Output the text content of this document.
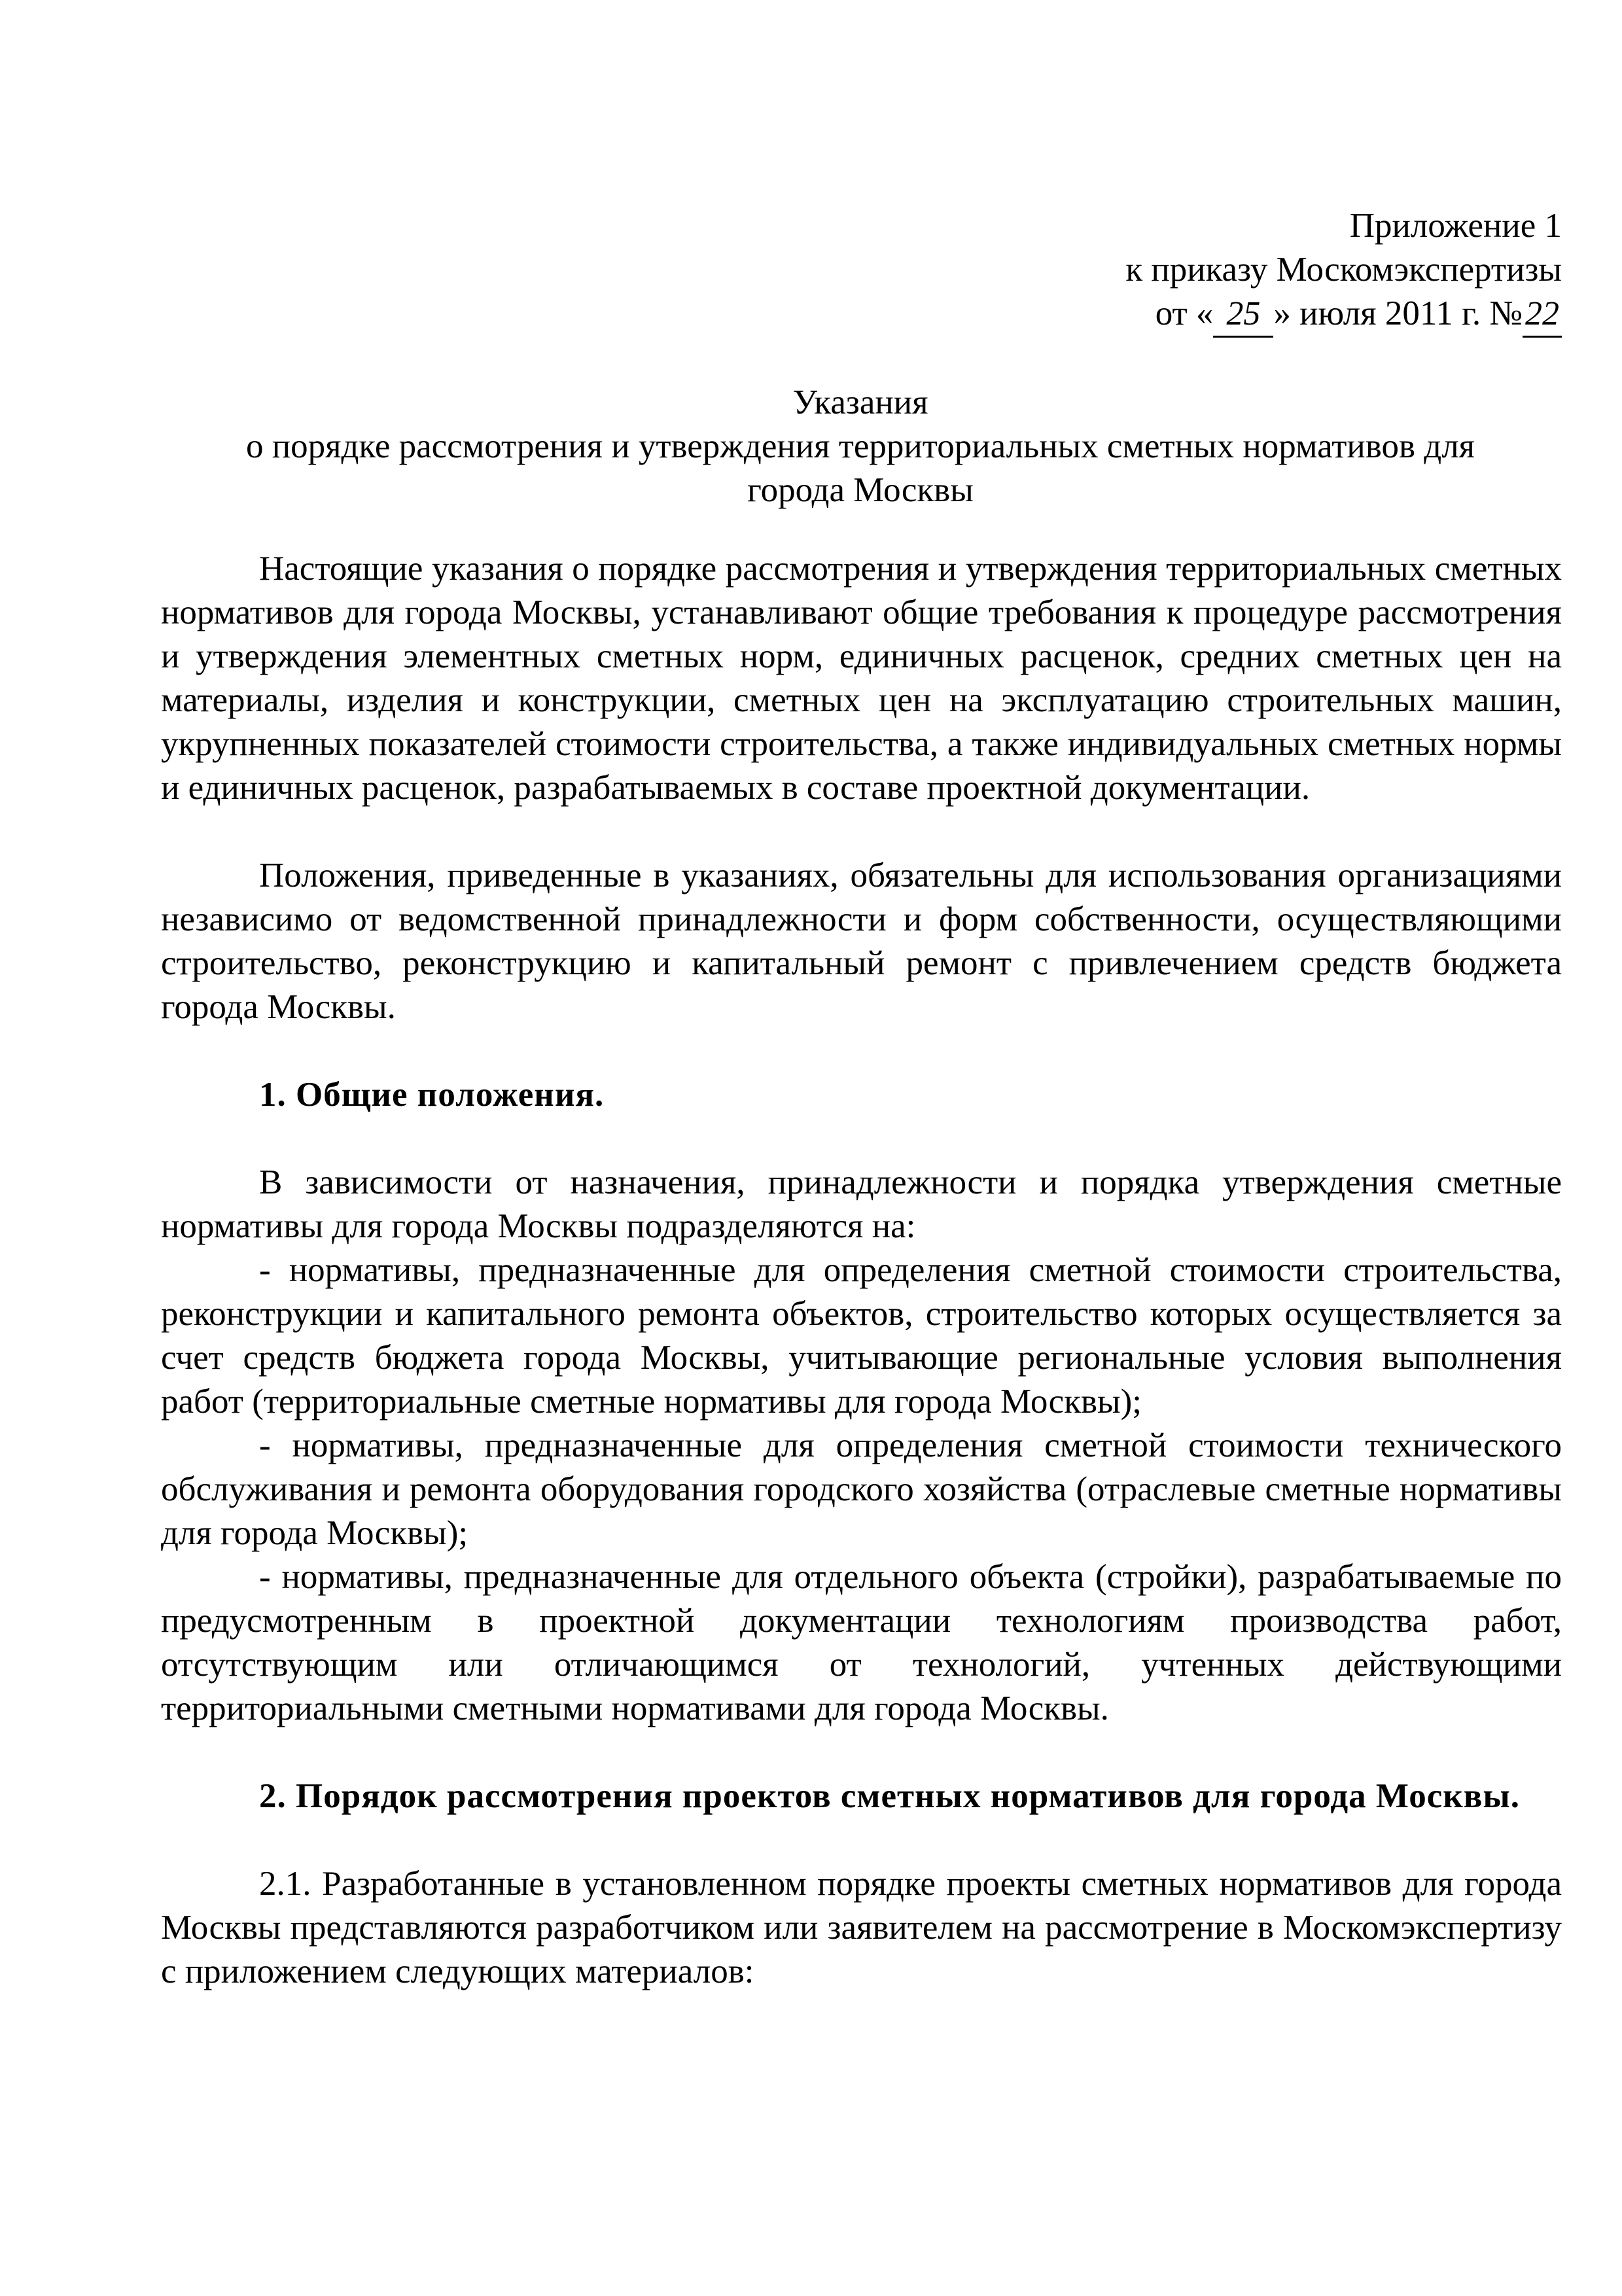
Приложение 1
к приказу Москомэкспертизы
от « 25 » июля 2011 г. №22
Указания
о порядке рассмотрения и утверждения территориальных сметных нормативов для
города Москвы

Настоящие указания о порядке рассмотрения и утверждения территориальных сметных нормативов для города Москвы, устанавливают общие требования к процедуре рассмотрения и утверждения элементных сметных норм, единичных расценок, средних сметных цен на материалы, изделия и конструкции, сметных цен на эксплуатацию строительных машин, укрупненных показателей стоимости строительства, а также индивидуальных сметных нормы и единичных расценок, разрабатываемых в составе проектной документации.

Положения, приведенные в указаниях, обязательны для использования организациями независимо от ведомственной принадлежности и форм собственности, осуществляющими строительство, реконструкцию и капитальный ремонт с привлечением средств бюджета города Москвы.

1. Общие положения.

В зависимости от назначения, принадлежности и порядка утверждения сметные нормативы для города Москвы подразделяются на:

- нормативы, предназначенные для определения сметной стоимости строительства, реконструкции и капитального ремонта объектов, строительство которых осуществляется за счет средств бюджета города Москвы, учитывающие региональные условия выполнения работ (территориальные сметные нормативы для города Москвы);

- нормативы, предназначенные для определения сметной стоимости технического обслуживания и ремонта оборудования городского хозяйства (отраслевые сметные нормативы для города Москвы);

- нормативы, предназначенные для отдельного объекта (стройки), разрабатываемые по предусмотренным в проектной документации технологиям производства работ, отсутствующим или отличающимся от технологий, учтенных действующими территориальными сметными нормативами для города Москвы.

2. Порядок рассмотрения проектов сметных нормативов для города Москвы.

2.1. Разработанные в установленном порядке проекты сметных нормативов для города Москвы представляются разработчиком или заявителем на рассмотрение в Москомэкспертизу с приложением следующих материалов:
